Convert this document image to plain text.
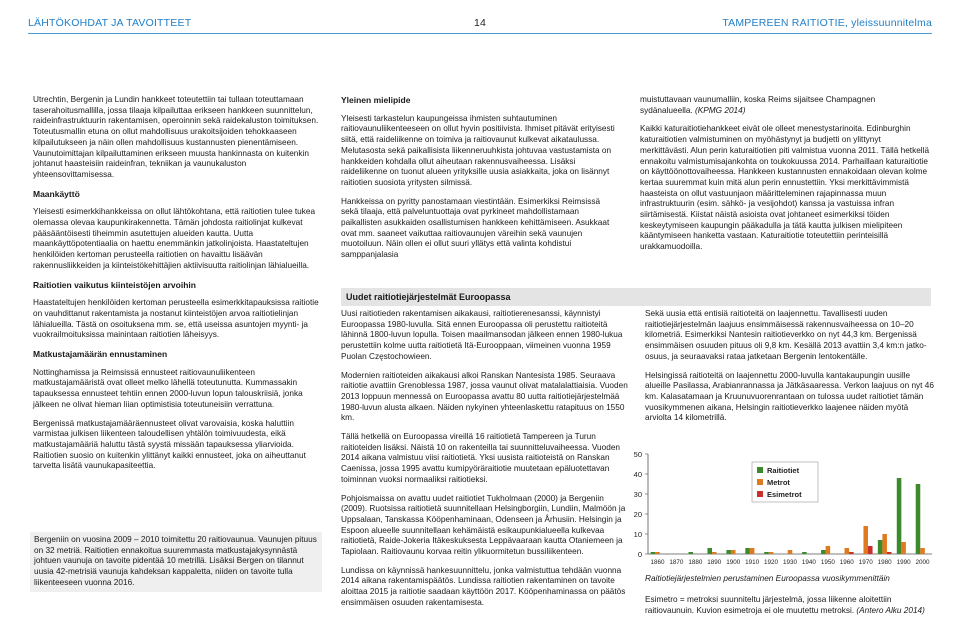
LÄHTÖKOHDAT JA TAVOITTEET	14	TAMPEREEN RAITIOTIE, yleissuunnitelma

Utrechtin, Bergenin ja Lundin hankkeet toteutettiin tai tullaan toteuttamaan taserahoitusmallilla, jossa tilaaja kilpailuttaa erikseen hankkeen suunnittelun, raideinfrastruktuurin rakentamisen, operoinnin sekä raidekaluston toimituksen. Toteutusmallin etuna on ollut mahdollisuus urakoitsijoiden tehokkaaseen kilpailutukseen ja näin ollen mahdollisuus kustannusten pienentämiseen. Vaunutoimittajan kilpailuttaminen erikseen muusta hankinnasta on kuitenkin johtanut haasteisiin raideinfran, tekniikan ja vaunukaluston yhteensovittamisessa.

Maankäyttö

Yleisesti esimerkkihankkeissa on ollut lähtökohtana, että raitiotien tulee tukea olemassa olevaa kaupunkirakennetta. Tämän johdosta raitiolinjat kulkevat pääsääntöisesti tiheimmin asutettujen alueiden kautta. Uutta maankäyttöpotentiaalia on haettu enemmänkin jatkolinjoista. Haastateltujen henkilöiden kertoman perusteella raitiotien on havaittu lisäävän rakennusliikkeiden ja kiinteistökehittäjien aktiivisuutta raitiolinjan lähialueilla.

Raitiotien vaikutus kiinteistöjen arvoihin

Haastateltujen henkilöiden kertoman perusteella esimerkkitapauksissa raitiotie on vauhdittanut rakentamista ja nostanut kiinteistöjen arvoa raitiotielinjan lähialueilla. Tästä on osoituksena mm. se, että useissa asuntojen myynti- ja vuokrailmoituksissa mainintaan raitiotien läheisyys.

Matkustajamäärän ennustaminen

Nottinghamissa ja Reimsissä ennusteet raitiovaunuliikenteen matkustajamääristä ovat olleet melko lähellä toteutunutta. Kummassakin tapauksessa ennusteet tehtiin ennen 2000-luvun lopun talouskriisiä, jonka jälkeen ne olivat hieman liian optimistisia toteutuneisiin verrattuna.

Bergenissä matkustajamääräennusteet olivat varovaisia, koska haluttiin varmistaa julkisen liikenteen taloudellisen yhtälön toimivuudesta, eikä matkustajamääriä haluttu tästä syystä missään tapauksessa yliarvioida. Raitiotien suosio on kuitenkin ylittänyt kaikki ennusteet, joka on aiheuttanut tarvetta lisätä vaunukapasiteettia.

Bergeniin on vuosina 2009 – 2010 toimitettu 20 raitiovaunua. Vaunujen pituus on 32 metriä. Raitiotien ennakoitua suuremmasta matkustajakysynnästä johtuen vaunuja on tavoite pidentää 10 metrillä. Lisäksi Bergen on tilannut uusia 42-metrisiä vaunuja kahdeksan kappaletta, niiden on tavoite tulla liikenteeseen vuonna 2016.

Yleinen mielipide

Yleisesti tarkastelun kaupungeissa ihmisten suhtautuminen raitiovaunuliikenteeseen on ollut hyvin positiivista. Ihmiset pitävät erityisesti siitä, että raideliikenne on toimiva ja raitiovaunut kulkevat aikataulussa. Melutasosta sekä paikallisista liikenneruuhkista johtuvaa vastustamista on hankkeiden kohdalla ollut aiheutaan rakennusvaiheessa. Lisäksi raideliikenne on tuonut alueen yrityksille uusia asiakkaita, joka on lisännyt raitiotien suosiota yritysten silmissä.

Hankkeissa on pyritty panostamaan viestintään. Esimerkiksi Reimsissä sekä tilaaja, että palveluntuottaja ovat pyrkineet mahdollistamaan paikallisten asukkaiden osallistumisen hankkeen kehittämiseen. Asukkaat ovat mm. saaneet vaikuttaa raitiovaunujen väreihin sekä vaunujen muotoiluun. Näin ollen ei ollut suuri yllätys että valinta kohdistui samppanjalasia

muistuttavaan vaunumalliin, koska Reims sijaitsee Champagnen sydänalueella. (KPMG 2014)

Kaikki katuraitiotiehankkeet eivät ole olleet menestystarinoita. Edinburghin katuraitiotien valmistuminen on myöhästynyt ja budjetti on ylittynyt merkittävästi. Alun perin katuraitiotien piti valmistua vuonna 2011. Tällä hetkellä ennakoitu valmistumisajankohta on toukokuussa 2014. Parhaillaan katuraitiotie on käyttöönottovaiheessa. Hankkeen kustannusten ennakoidaan olevan kolme kertaa suuremmat kuin mitä alun perin ennustettiin. Yksi merkittävimmistä haasteista on ollut vastuunjaon määritteleminen rajapinnassa muun infrastruktuurin (esim. sähkö- ja vesijohdot) kanssa ja vastuissa infran siirtämisestä. Kiistat näistä asioista ovat johtaneet esimerkiksi töiden keskeytymiseen kaupungin pääkadulla ja tätä kautta julkisen mielipiteen kääntymiseen hanketta vastaan. Katuraitiotie toteutettiin perinteisillä urakkamuodoilla.

Uudet raitiotiejärjestelmät Euroopassa

Uusi raitiotieden rakentamisen aikakausi, raitiotierenesanssi, käynnistyi Euroopassa 1980-luvulla. Sitä ennen Euroopassa oli perustettu raitioteitä lähinnä 1800-luvun lopulla. Toisen maailmansodan jälkeen ennen 1980-lukua perustettiin kolme uutta raitiotietä Itä-Eurooppaan, viimeinen vuonna 1959 Puolan Częstochowieen.

Modernien raitioteiden aikakausi alkoi Ranskan Nantesista 1985. Seuraava raitiotie avattiin Grenoblessa 1987, jossa vaunut olivat matalalattiaisia. Vuoden 2013 loppuun mennessä on Euroopassa avattu 80 uutta raitiotiejärjestelmää 1980-luvun alusta alkaen. Näiden nykyinen yhteenlaskettu ratapituus on 1550 km.

Tällä hetkellä on Euroopassa vireillä 16 raitiotietä Tampereen ja Turun raitioteiden lisäksi. Näistä 10 on rakenteilla tai suunnitteluvaiheessa. Vuoden 2014 aikana valmistuu viisi raitiotietä. Yksi uusista raitioteistä on Ranskan Caenissa, jossa 1995 avattu kumipyöräraitiotie muutetaan epäluotettavan toiminnan vuoksi normaaliksi raitiotieksi.

Pohjoismaissa on avattu uudet raitiotiet Tukholmaan (2000) ja Bergeniin (2009). Ruotsissa raitiotietä suunnitellaan Helsingborgiin, Lundiin, Malmöön ja Uppsalaan, Tanskassa Kööpenhaminaan, Odenseen ja Århusiin. Helsingin ja Espoon alueelle suunnitellaan kehämäistä esikaupunkialueella kulkevaa raitiotietä, Raide-Jokeria Itäkeskuksesta Leppävaaraan kautta Otaniemeen ja Tapiolaan. Raitiovaunu korvaa reitin ylikuormitetun bussiliikenteen.

Lundissa on käynnissä hankesuunnittelu, jonka valmistuttua tehdään vuonna 2014 aikana rakentamispäätös. Lundissa raitiotien rakentaminen on tavoite aloittaa 2015 ja raitiotie saadaan käyttöön 2017. Kööpenhaminassa on päätös ensimmäisen osuuden rakentamisesta.

Sekä uusia että entisiä raitioteitä on laajennettu. Tavallisesti uuden raitiotiejärjestelmän laajuus ensimmäisessä rakennusvaiheessa on 10–20 kilometriä. Esimerkiksi Nantesin raitiotieverkko on nyt 44,3 km. Bergenissä ensimmäisen osuuden pituus oli 9,8 km. Kesällä 2013 avattiin 3,4 km:n jatko-osuus, ja seuraavaksi rataa jatketaan Bergenin lentokentälle.

Helsingissä raitioteitä on laajennettu 2000-luvulla kantakaupungin uusille alueille Pasilassa, Arabianrannassa ja Jätkäsaaressa. Verkon laajuus on nyt 46 km. Kalasatamaan ja Kruunuvuorenrantaan on tulossa uudet raitiotiet tämän vuosikymmenen aikana, Helsingin raitiotieverkko laajenee näiden myötä arviolta 14 kilometrillä.

0
10
20
30
40
50
1860 1870 1880 1890 1900 1910 1920 1930 1940 1950 1960 1970 1980 1990 2000
Raitiotiet
Metrot
Esimetrot
Raitiotiejärjestelmien perustaminen Euroopassa vuosikymmenittäin
Esimetro = metroksi suunniteltu järjestelmä, jossa liikenne aloitettiin raitiovaunuin. Kuvion esimetroja ei ole muutettu metroksi. (Antero Alku 2014)
